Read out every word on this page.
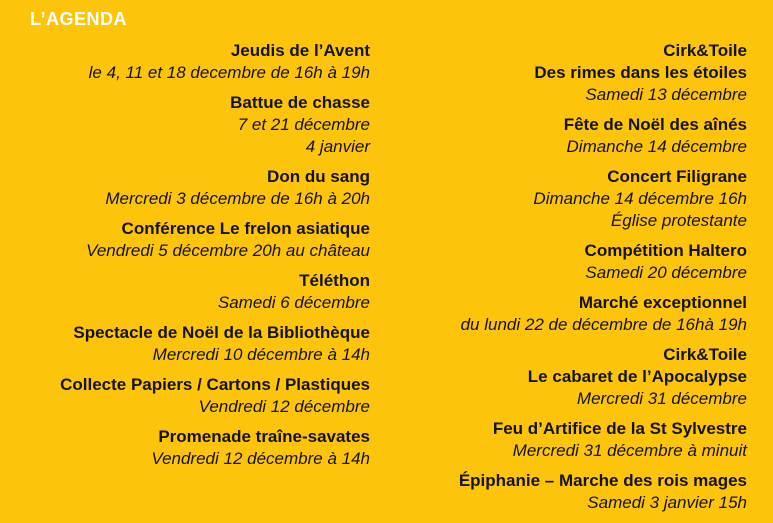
L’AGENDA
Jeudis de l’Avent
le 4, 11 et 18 decembre de 16h à 19h
Battue de chasse
7 et 21 décembre
4 janvier
Don du sang
Mercredi 3 décembre de 16h à 20h
Conférence Le frelon asiatique
Vendredi 5 décembre 20h au château
Téléthon
Samedi 6 décembre
Spectacle de Noël de la Bibliothèque
Mercredi 10 décembre à 14h
Collecte Papiers / Cartons / Plastiques
Vendredi 12 décembre
Promenade traîne-savates
Vendredi 12 décembre à 14h
Cirk&Toile
Des rimes dans les étoiles
Samedi 13 décembre
Fête de Noël des aînés
Dimanche 14 décembre
Concert Filigrane
Dimanche 14 décembre 16h
Église protestante
Compétition Haltero
Samedi 20 décembre
Marché exceptionnel
du lundi 22 de décembre de 16hà 19h
Cirk&Toile
Le cabaret de l’Apocalypse
Mercredi 31 décembre
Feu d’Artifice de la St Sylvestre
Mercredi 31 décembre à minuit
Épiphanie – Marche des rois mages
Samedi 3 janvier 15h
